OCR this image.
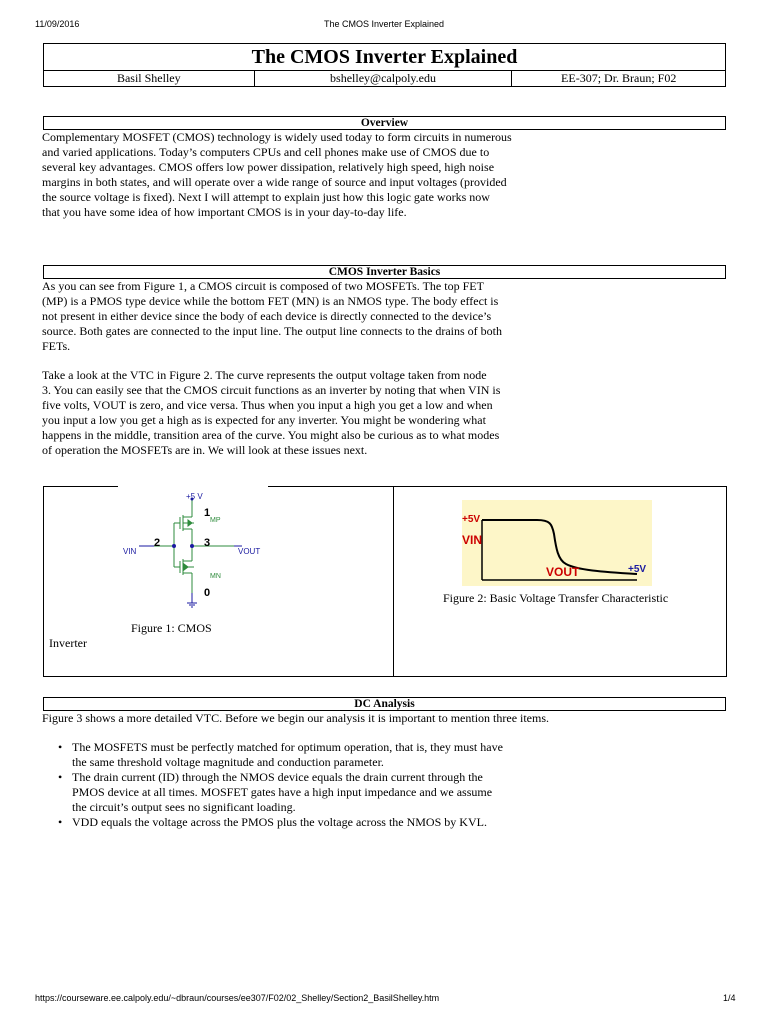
11/09/2016	The CMOS Inverter Explained
The CMOS Inverter Explained
Basil Shelley	bshelley@calpoly.edu	EE-307; Dr. Braun; F02
Overview
Complementary MOSFET (CMOS) technology is widely used today to form circuits in numerous
and varied applications. Today’s computers CPUs and cell phones make use of CMOS due to
several key advantages. CMOS offers low power dissipation, relatively high speed, high noise
margins in both states, and will operate over a wide range of source and input voltages (provided
the source voltage is fixed). Next I will attempt to explain just how this logic gate works now
that you have some idea of how important CMOS is in your day-to-day life.
CMOS Inverter Basics
As you can see from Figure 1, a CMOS circuit is composed of two MOSFETs. The top FET
(MP) is a PMOS type device while the bottom FET (MN) is an NMOS type. The body effect is
not present in either device since the body of each device is directly connected to the device’s
source. Both gates are connected to the input line. The output line connects to the drains of both
FETs.
Take a look at the VTC in Figure 2. The curve represents the output voltage taken from node
3. You can easily see that the CMOS circuit functions as an inverter by noting that when VIN is
five volts, VOUT is zero, and vice versa. Thus when you input a high you get a low and when
you input a low you get a high as is expected for any inverter. You might be wondering what
happens in the middle, transition area of the curve. You might also be curious as to what modes
of operation the MOSFETs are in. We will look at these issues next.
+5 V
1
MP
2	3
VIN	VOUT
MN
0
Figure 1: CMOS
Inverter
+5V
VIN
VOUT	+5V
Figure 2: Basic Voltage Transfer Characteristic
DC Analysis
Figure 3 shows a more detailed VTC. Before we begin our analysis it is important to mention three items.
• The MOSFETS must be perfectly matched for optimum operation, that is, they must have
the same threshold voltage magnitude and conduction parameter.
• The drain current (ID) through the NMOS device equals the drain current through the
PMOS device at all times. MOSFET gates have a high input impedance and we assume
the circuit’s output sees no significant loading.
• VDD equals the voltage across the PMOS plus the voltage across the NMOS by KVL.
https://courseware.ee.calpoly.edu/~dbraun/courses/ee307/F02/02_Shelley/Section2_BasilShelley.htm	1/4
